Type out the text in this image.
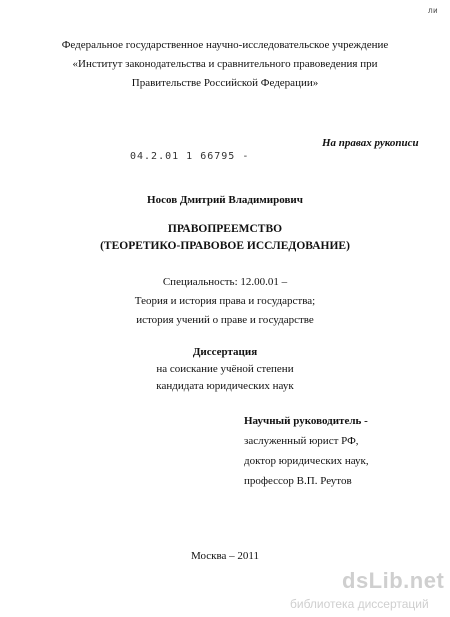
ли
Федеральное государственное научно-исследовательское учреждение
«Институт законодательства и сравнительного правоведения при
Правительстве Российской Федерации»
На правах рукописи
04.2.01 1 66795 -
Носов Дмитрий Владимирович
ПРАВОПРЕЕМСТВО
(ТЕОРЕТИКО-ПРАВОВОЕ ИССЛЕДОВАНИЕ)
Специальность: 12.00.01 –
Теория и история права и государства;
история учений о праве и государстве
Диссертация
на соискание учёной степени
кандидата юридических наук
Научный руководитель -
заслуженный юрист РФ,
доктор юридических наук,
профессор В.П. Реутов
Москва – 2011
dsLib.net
библиотека диссертаций
